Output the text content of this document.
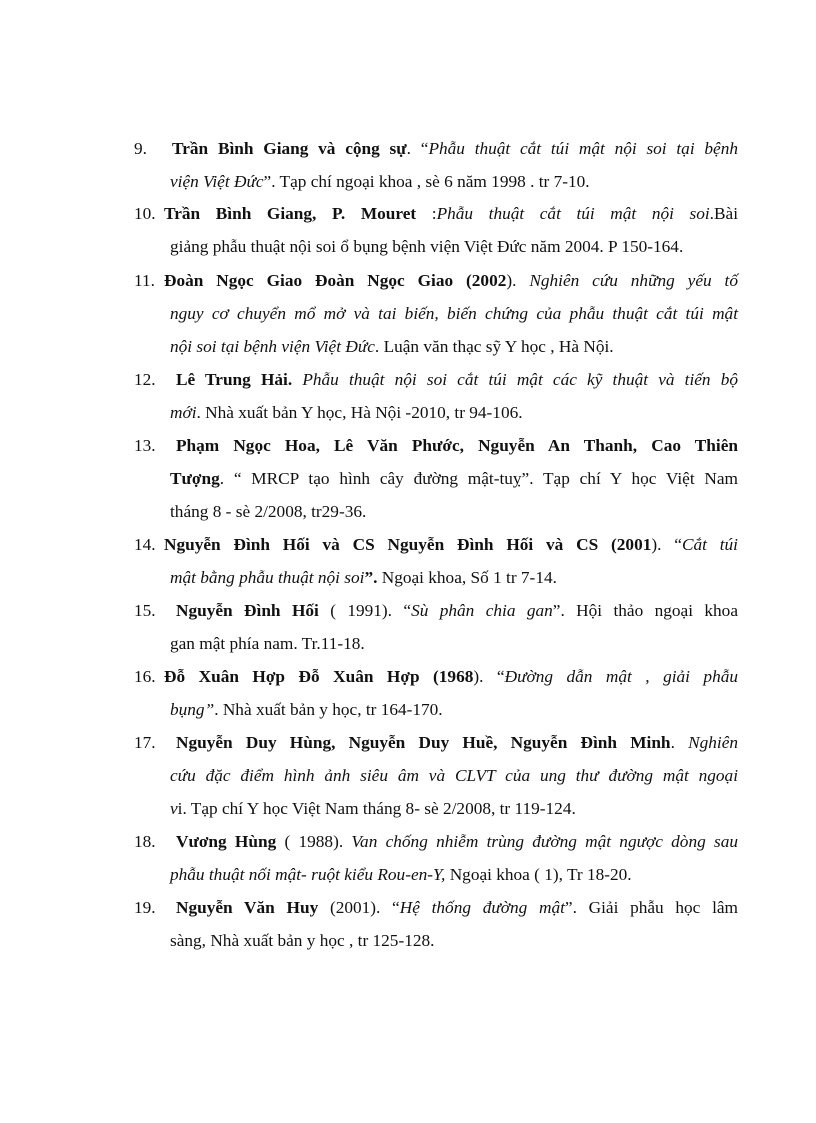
9. Trần Bình Giang và cộng sự. “Phẫu thuật cắt túi mật nội soi tại bệnh
viện Việt Đức”. Tạp chí ngoại khoa , sè 6 năm 1998 . tr 7-10.
10. Trần Bình Giang, P. Mouret :Phẫu thuật cắt túi mật nội soi.Bài
giảng phẫu thuật nội soi ổ bụng bệnh viện Việt Đức năm 2004. P 150-164.
11. Đoàn Ngọc Giao Đoàn Ngọc Giao (2002). Nghiên cứu những yếu tố
nguy cơ chuyển mổ mở và tai biến, biến chứng của phẫu thuật cắt túi mật
nội soi tại bệnh viện Việt Đức. Luận văn thạc sỹ Y học , Hà Nội.
12. Lê Trung Hải. Phẫu thuật nội soi cắt túi mật các kỹ thuật và tiến bộ
mới. Nhà xuất bản Y học, Hà Nội -2010, tr 94-106.
13. Phạm Ngọc Hoa, Lê Văn Phước, Nguyễn An Thanh, Cao Thiên
Tượng. “ MRCP tạo hình cây đường mật-tuỵ”. Tạp chí Y học Việt Nam
tháng 8 - sè 2/2008, tr29-36.
14. Nguyễn Đình Hối và CS Nguyễn Đình Hối và CS (2001). “Cắt túi
mật bằng phẫu thuật nội soi”. Ngoại khoa, Số 1 tr 7-14.
15. Nguyễn Đình Hối ( 1991). “Sù phân chia gan”. Hội thảo ngoại khoa
gan mật phía nam. Tr.11-18.
16. Đỗ Xuân Hợp Đỗ Xuân Hợp (1968). “Đường dẫn mật , giải phẫu
bụng”. Nhà xuất bản y học, tr 164-170.
17. Nguyễn Duy Hùng, Nguyễn Duy Huề, Nguyễn Đình Minh. Nghiên
cứu đặc điểm hình ảnh siêu âm và CLVT của ung thư đường mật ngoại
vi. Tạp chí Y học Việt Nam tháng 8- sè 2/2008, tr 119-124.
18. Vương Hùng ( 1988). Van chống nhiễm trùng đường mật ngược dòng sau
phẫu thuật nối mật- ruột kiểu Rou-en-Y, Ngoại khoa ( 1), Tr 18-20.
19. Nguyễn Văn Huy (2001). “Hệ thống đường mật”. Giải phẫu học lâm
sàng, Nhà xuất bản y học , tr 125-128.
